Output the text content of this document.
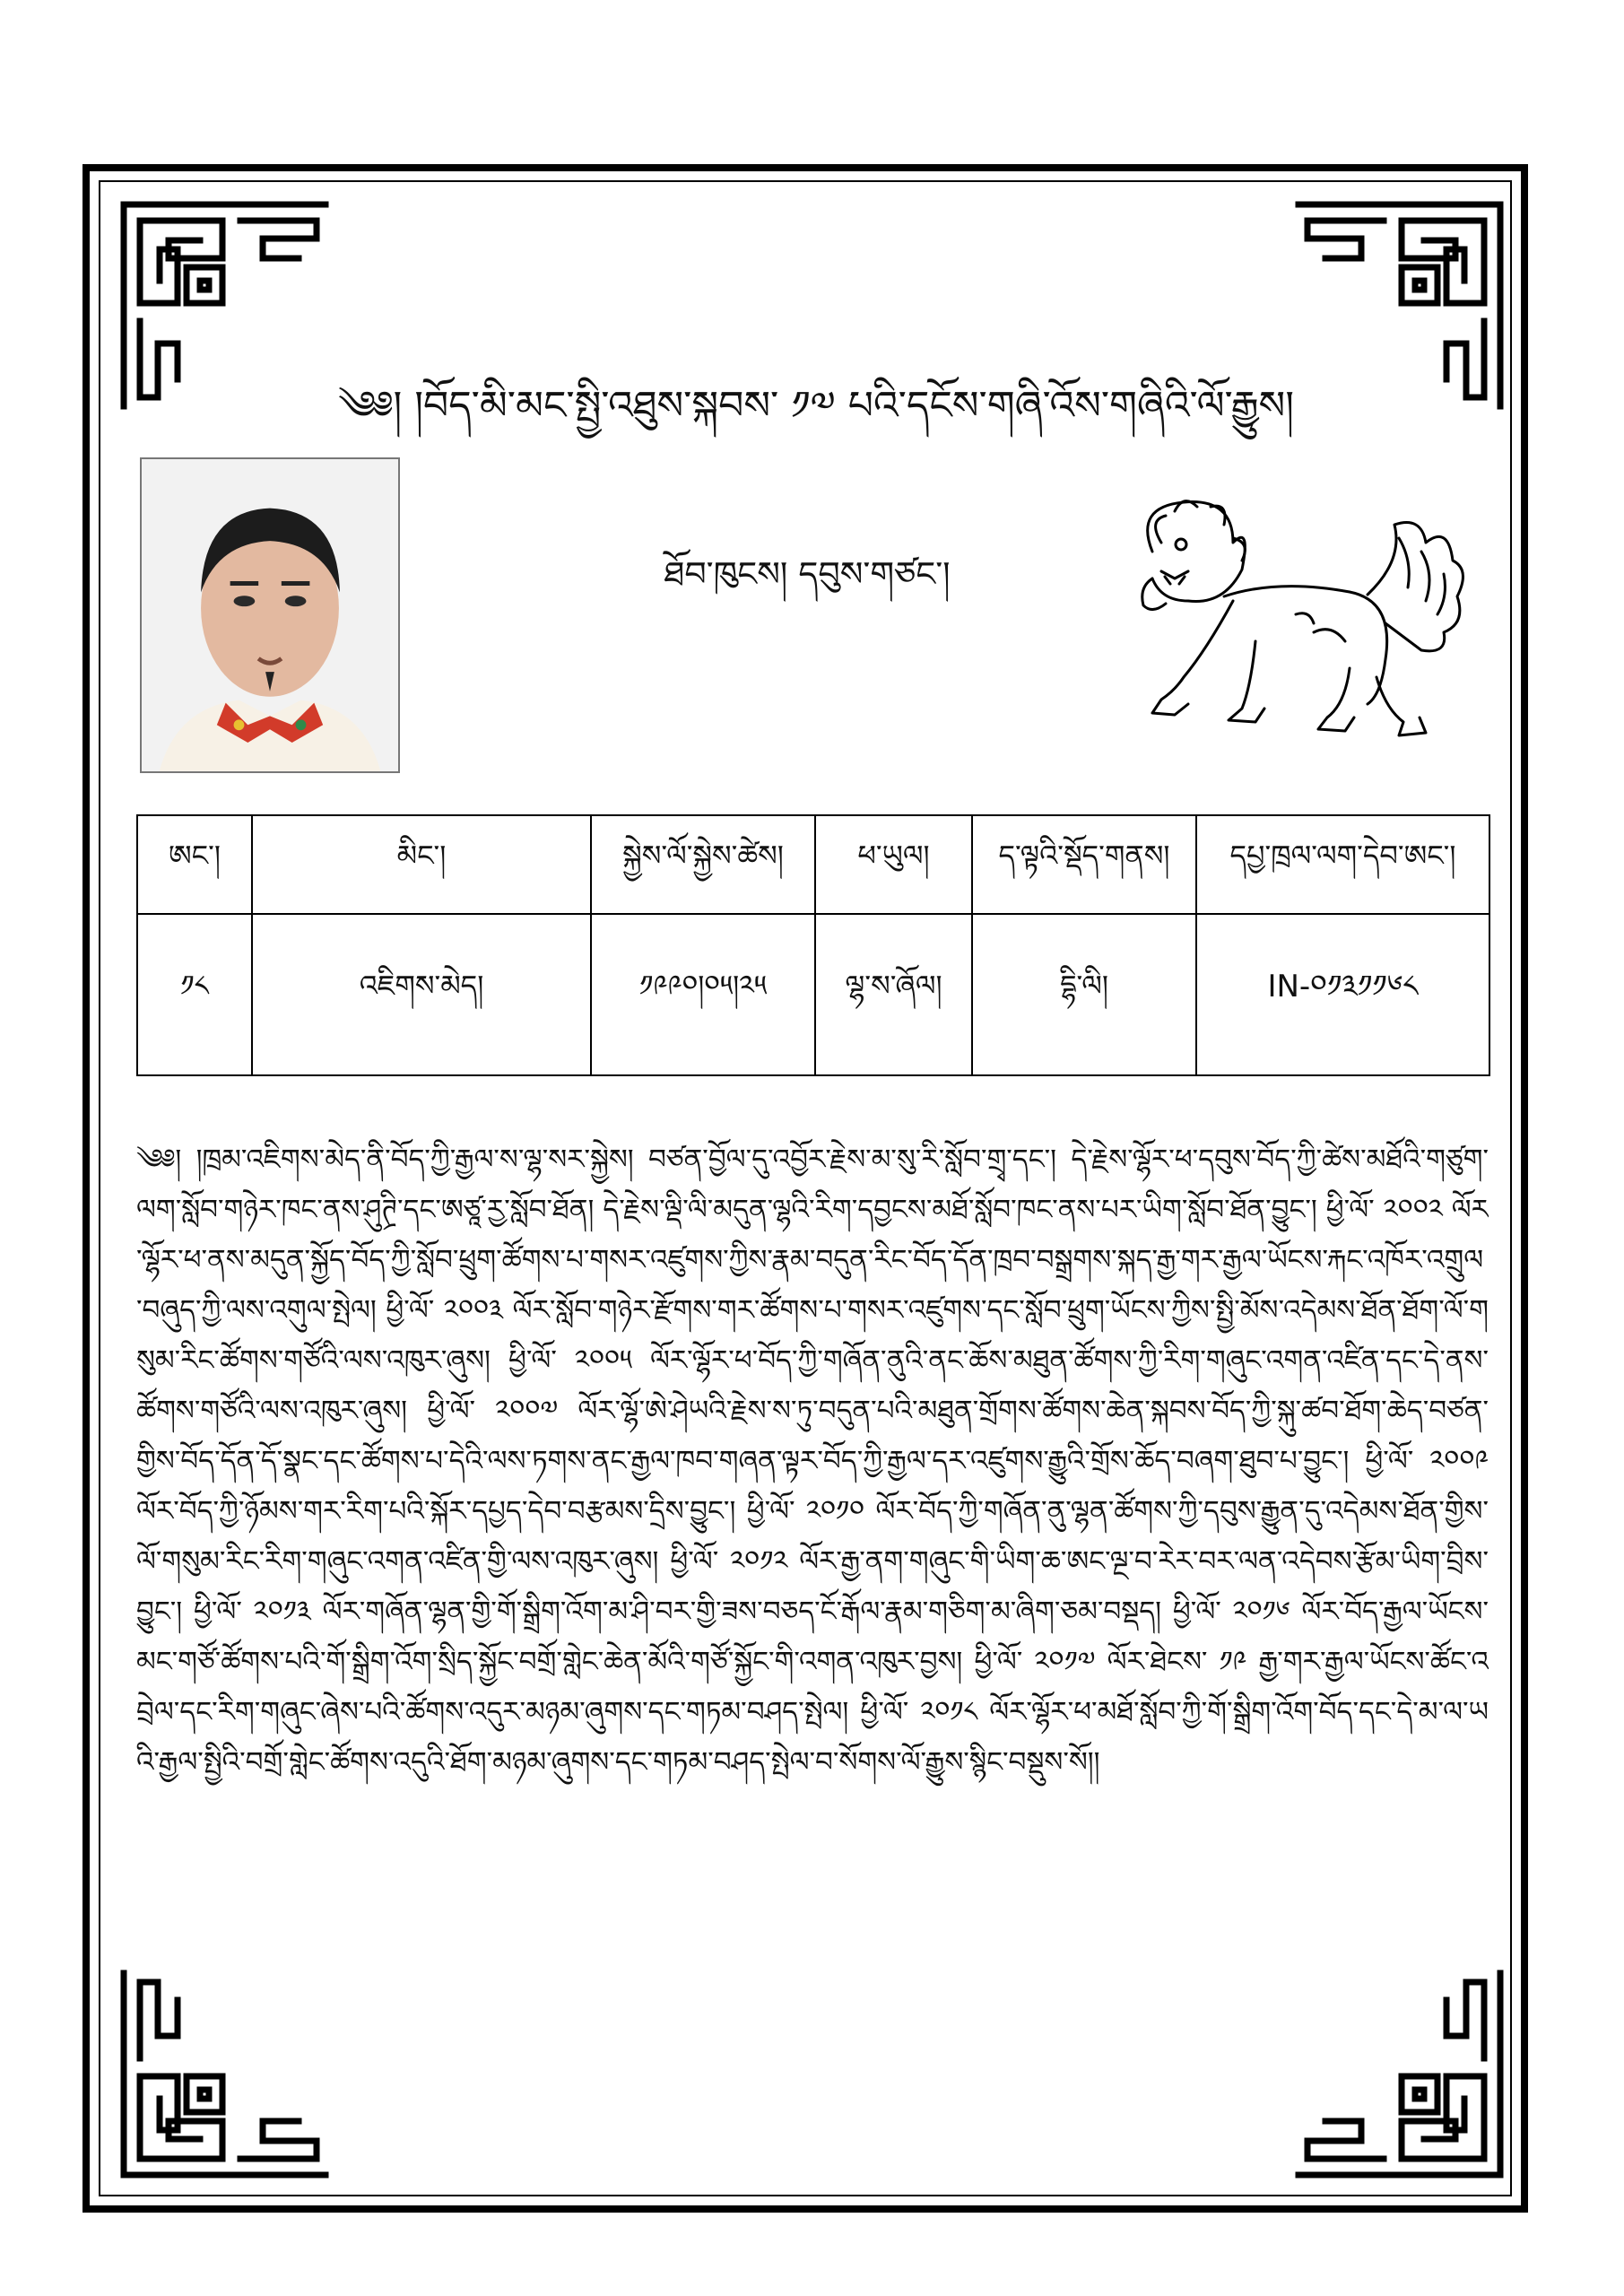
༄༅། །བོད་མི་མང་སྤྱི་འཐུས་སྐབས་ ༡༧ པའི་དངོས་གཞི་འོས་གཞིའི་ལོ་རྒྱུས།
ཐོབ་ཁུངས། དབུས་གཙང་།
ཨང་།	མིང་།	སྐྱེས་ལོ་སྐྱེས་ཚེས།	ཕ་ཡུལ།	ད་ལྟའི་སྡོད་གནས།	དཔྱ་ཁྲལ་ལག་དེབ་ཨང་།
༡༨	འཇིགས་མེད།	༡༩༩༠།༠༥།༢༥	ལྷ་ས་ཞོལ།	དྷི་ལི།	IN-༠༡༣༡༡༦༨
༄༅། །ཁྲམ་འཇིགས་མེད་ནི་བོད་ཀྱི་རྒྱལ་ས་ལྷ་སར་སྐྱེས། བཙན་བྱོལ་དུ་འབྱོར་རྗེས་མ་སུ་རི་སློབ་གྲྭ་དང་། དེ་རྗེས་ལྷོར་ཕ་དབུས་བོད་ཀྱི་ཚེས་མཐོའི་གཙུག་ལག་སློབ་གཉེར་ཁང་ནས་ཤུཊྲི་དང་ཨཙཱ་རྱ་སློབ་ཐོན། དེ་རྗེས་ལྡི་ལི་མདུན་ལྷའི་རིག་དབྱངས་མཐོ་སློབ་ཁང་ནས་པར་ཡིག་སློབ་ཐོན་བྱུང་། ཕྱི་ལོ་ ༢༠༠༢ ལོར་ལྷོར་ཕ་ནས་མདུན་སྐྱོད་བོད་ཀྱི་སློབ་ཕྲུག་ཚོགས་པ་གསར་འཛུགས་ཀྱིས་རྣམ་བདུན་རིང་བོད་དོན་ཁྲབ་བསྒྲགས་སྐད་རྒྱ་གར་རྒྱལ་ཡོངས་རྐང་འཁོར་འགྲུལ་བཞུད་ཀྱི་ལས་འགུལ་སྤེལ། ཕྱི་ལོ་ ༢༠༠༣ ལོར་སློབ་གཉེར་རྫོགས་གར་ཚོགས་པ་གསར་འཛུགས་དང་སློབ་ཕྲུག་ཡོངས་ཀྱིས་སྤྱི་མོས་འདེམས་ཐོན་ཐོག་ལོ་གསུམ་རིང་ཚོགས་གཙོའི་ལས་འཁུར་ཞུས། ཕྱི་ལོ་ ༢༠༠༥ ལོར་ལྷོར་ཕ་བོད་ཀྱི་གཞོན་ནུའི་ནང་ཆོས་མཐུན་ཚོགས་ཀྱི་རིག་གཞུང་འགན་འཛིན་དང་དེ་ནས་ཚོགས་གཙོའི་ལས་འཁུར་ཞུས། ཕྱི་ལོ་ ༢༠༠༧ ལོར་ལྷོ་ཨེ་ཤེཡའི་རྗེས་ས་ཏུ་བདུན་པའི་མཐུན་གྲོགས་ཚོགས་ཆེན་སྐབས་བོད་ཀྱི་སྐུ་ཚབ་ཐོག་ཆེད་བཙན་གྱིས་བོད་དོན་དོ་སྣང་དང་ཚོགས་པ་དེའི་ལས་ཏགས་ནང་རྒྱལ་ཁབ་གཞན་ལྟར་བོད་ཀྱི་རྒྱལ་དར་འཛུགས་རྒྱུའི་གྲོས་ཆོད་བཞག་ཐུབ་པ་བྱུང་། ཕྱི་ལོ་ ༢༠༠༩ ལོར་བོད་ཀྱི་ཉོམས་གར་རིག་པའི་སྐོར་དཔྱད་དེབ་བརྩམས་དྲིས་བྱུང་། ཕྱི་ལོ་ ༢༠༡༠ ལོར་བོད་ཀྱི་གཞོན་ནུ་ལྷན་ཚོགས་ཀྱི་དབུས་རྒྱུན་དུ་འདེམས་ཐོན་གྱིས་ལོ་གསུམ་རིང་རིག་གཞུང་འགན་འཛིན་གྱི་ལས་འཁུར་ཞུས། ཕྱི་ལོ་ ༢༠༡༢ ལོར་རྒྱ་ནག་གཞུང་གི་ཡིག་ཆ་ཨང་ལྔ་བ་རེར་བར་ལན་འདེབས་རྩོམ་ཡིག་བྲིས་བྱུང་། ཕྱི་ལོ་ ༢༠༡༣ ལོར་གཞོན་ལྷན་གྱི་གོ་སྒྲིག་འོག་མ་ཤི་བར་གྱི་ཟས་བཅད་ངོ་རྒོལ་རྣམ་གཅིག་མ་ཞིག་ཅམ་བསྡད། ཕྱི་ལོ་ ༢༠༡༦ ལོར་བོད་རྒྱལ་ཡོངས་མང་གཙོ་ཚོགས་པའི་གོ་སྒྲིག་འོག་སྲིད་སྐྱོང་བགྲོ་གླེང་ཆེན་མོའི་གཙོ་སྐྱོང་གི་འགན་འཁུར་བྱས། ཕྱི་ལོ་ ༢༠༡༧ ལོར་ཐེངས་ ༡༩ རྒྱ་གར་རྒྱལ་ཡོངས་ཚོང་འབྲེལ་དང་རིག་གཞུང་ཞེས་པའི་ཚོགས་འདུར་མཉམ་ཞུགས་དང་གཏམ་བཤད་སྤེལ། ཕྱི་ལོ་ ༢༠༡༨ ལོར་ལྷོར་ཕ་མཐོ་སློབ་ཀྱི་གོ་སྒྲིག་འོག་བོད་དང་དེ་མ་ལ་ཡའི་རྒྱལ་སྤྱིའི་བགྲོ་གླེང་ཚོགས་འདུའི་ཐོག་མཉམ་ཞུགས་དང་གཏམ་བཤད་སྤེལ་བ་སོགས་ལོ་རྒྱུས་སྙིང་བསྡུས་སོ།།
